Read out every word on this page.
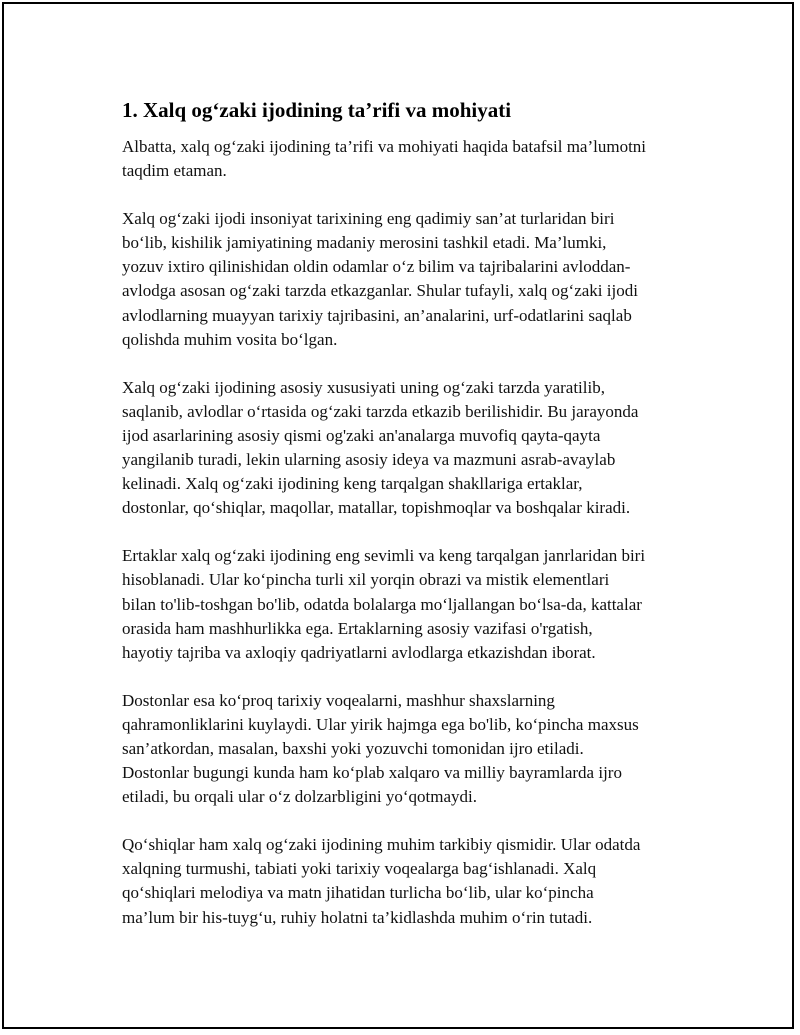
1. Xalq og‘zaki ijodining ta’rifi va mohiyati

Albatta, xalq og‘zaki ijodining ta’rifi va mohiyati haqida batafsil ma’lumotni
taqdim etaman.

Xalq og‘zaki ijodi insoniyat tarixining eng qadimiy san’at turlaridan biri
bo‘lib, kishilik jamiyatining madaniy merosini tashkil etadi. Ma’lumki,
yozuv ixtiro qilinishidan oldin odamlar o‘z bilim va tajribalarini avloddan-
avlodga asosan og‘zaki tarzda etkazganlar. Shular tufayli, xalq og‘zaki ijodi
avlodlarning muayyan tarixiy tajribasini, an’analarini, urf-odatlarini saqlab
qolishda muhim vosita bo‘lgan.

Xalq og‘zaki ijodining asosiy xususiyati uning og‘zaki tarzda yaratilib,
saqlanib, avlodlar o‘rtasida og‘zaki tarzda etkazib berilishidir. Bu jarayonda
ijod asarlarining asosiy qismi og'zaki an'analarga muvofiq qayta-qayta
yangilanib turadi, lekin ularning asosiy ideya va mazmuni asrab-avaylab
kelinadi. Xalq og‘zaki ijodining keng tarqalgan shakllariga ertaklar,
dostonlar, qo‘shiqlar, maqollar, matallar, topishmoqlar va boshqalar kiradi.

Ertaklar xalq og‘zaki ijodining eng sevimli va keng tarqalgan janrlaridan biri
hisoblanadi. Ular ko‘pincha turli xil yorqin obrazi va mistik elementlari
bilan to'lib-toshgan bo'lib, odatda bolalarga mo‘ljallangan bo‘lsa-da, kattalar
orasida ham mashhurlikka ega. Ertaklarning asosiy vazifasi o'rgatish,
hayotiy tajriba va axloqiy qadriyatlarni avlodlarga etkazishdan iborat.

Dostonlar esa ko‘proq tarixiy voqealarni, mashhur shaxslarning
qahramonliklarini kuylaydi. Ular yirik hajmga ega bo'lib, ko‘pincha maxsus
san’atkordan, masalan, baxshi yoki yozuvchi tomonidan ijro etiladi.
Dostonlar bugungi kunda ham ko‘plab xalqaro va milliy bayramlarda ijro
etiladi, bu orqali ular o‘z dolzarbligini yo‘qotmaydi.

Qo‘shiqlar ham xalq og‘zaki ijodining muhim tarkibiy qismidir. Ular odatda
xalqning turmushi, tabiati yoki tarixiy voqealarga bag‘ishlanadi. Xalq
qo‘shiqlari melodiya va matn jihatidan turlicha bo‘lib, ular ko‘pincha
ma’lum bir his-tuyg‘u, ruhiy holatni ta’kidlashda muhim o‘rin tutadi.
